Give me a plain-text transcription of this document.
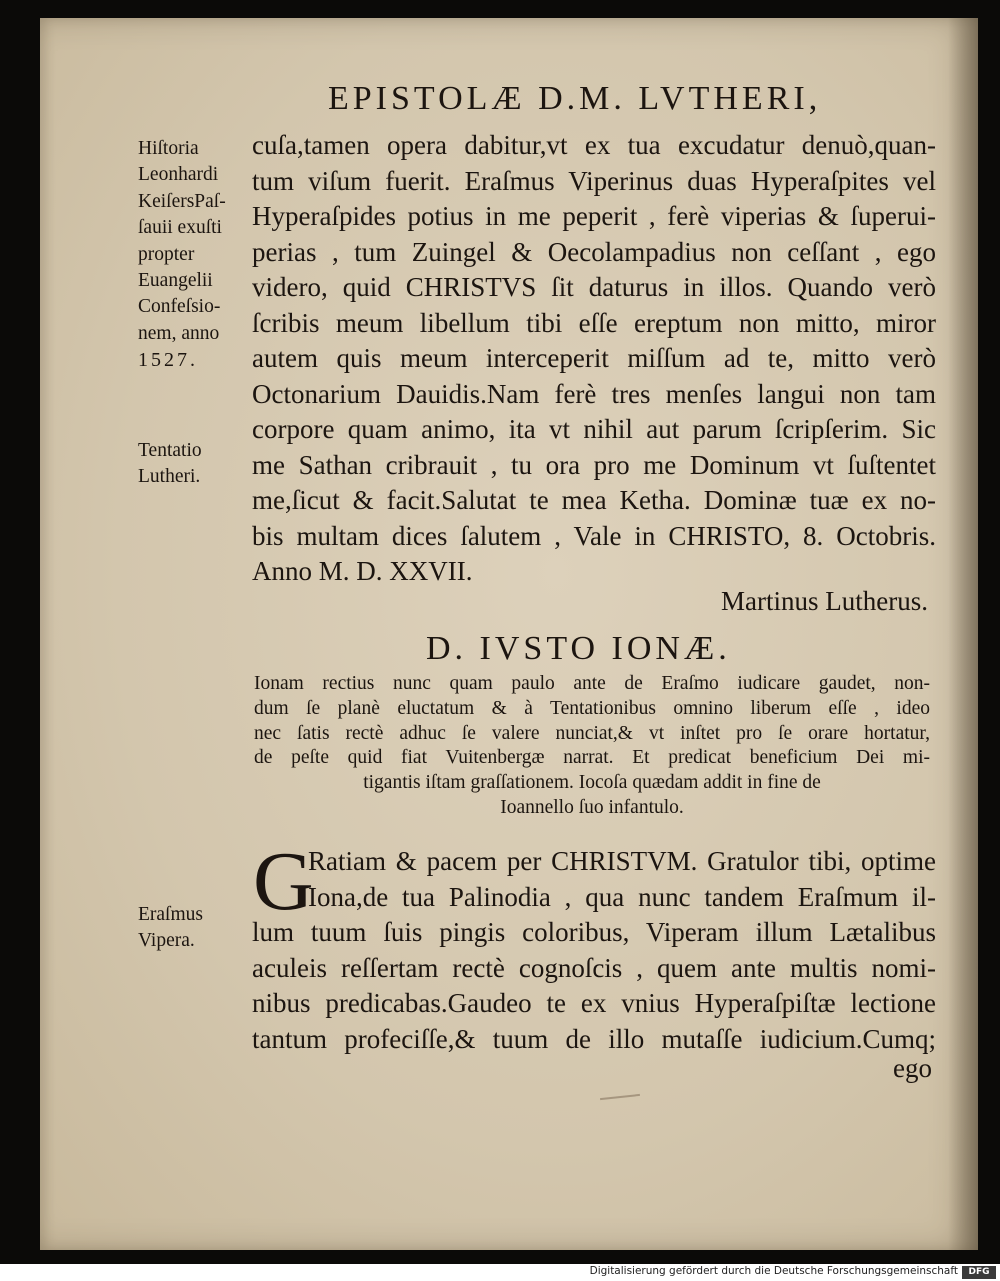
EPISTOLÆ D.M. LVTHERI,
Hiſtoria
Leonhardi
KeiſersPaſ-
ſauii exuſti
propter
Euangelii
Confeſsio-
nem, anno
1527.
Tentatio
Lutheri.
Eraſmus
Vipera.
cuſa,tamen opera dabitur,vt ex tua excudatur denuò,quan-
tum viſum fuerit. Eraſmus Viperinus duas Hyperaſpites vel
Hyperaſpides potius in me peperit , ferè viperias & ſuperui-
perias , tum Zuingel & Oecolampadius non ceſſant , ego
videro, quid CHRISTVS ſit daturus in illos. Quando verò
ſcribis meum libellum tibi eſſe ereptum non mitto, miror
autem quis meum interceperit miſſum ad te, mitto verò
Octonarium Dauidis.Nam ferè tres menſes langui non tam
corpore quam animo, ita vt nihil aut parum ſcripſerim. Sic
me Sathan cribrauit , tu ora pro me Dominum vt ſuſtentet
me,ſicut & facit.Salutat te mea Ketha. Dominæ tuæ ex no-
bis multam dices ſalutem , Vale in CHRISTO, 8. Octobris.
Anno M. D. XXVII.
Martinus Lutherus.
D. IVSTO IONÆ.
Ionam rectius nunc quam paulo ante de Eraſmo iudicare gaudet, non-
dum ſe planè eluctatum & à Tentationibus omnino liberum eſſe , ideo
nec ſatis rectè adhuc ſe valere nunciat,& vt inſtet pro ſe orare hortatur,
de peſte quid fiat Vuitenbergæ narrat. Et predicat beneficium Dei mi-
tigantis iſtam graſſationem. Iocoſa quædam addit in fine de
Ioannello ſuo infantulo.
G
Ratiam & pacem per CHRISTVM. Gratulor tibi, optime
Iona,de tua Palinodia , qua nunc tandem Eraſmum il-
lum tuum ſuis pingis coloribus, Viperam illum Lætalibus
aculeis reſſertam rectè cognoſcis , quem ante multis nomi-
nibus predicabas.Gaudeo te ex vnius Hyperaſpiſtæ lectione
tantum profeciſſe,& tuum de illo mutaſſe iudicium.Cumq;
ego
Digitalisierung gefördert durch die Deutsche Forschungsgemeinschaft	DFG
